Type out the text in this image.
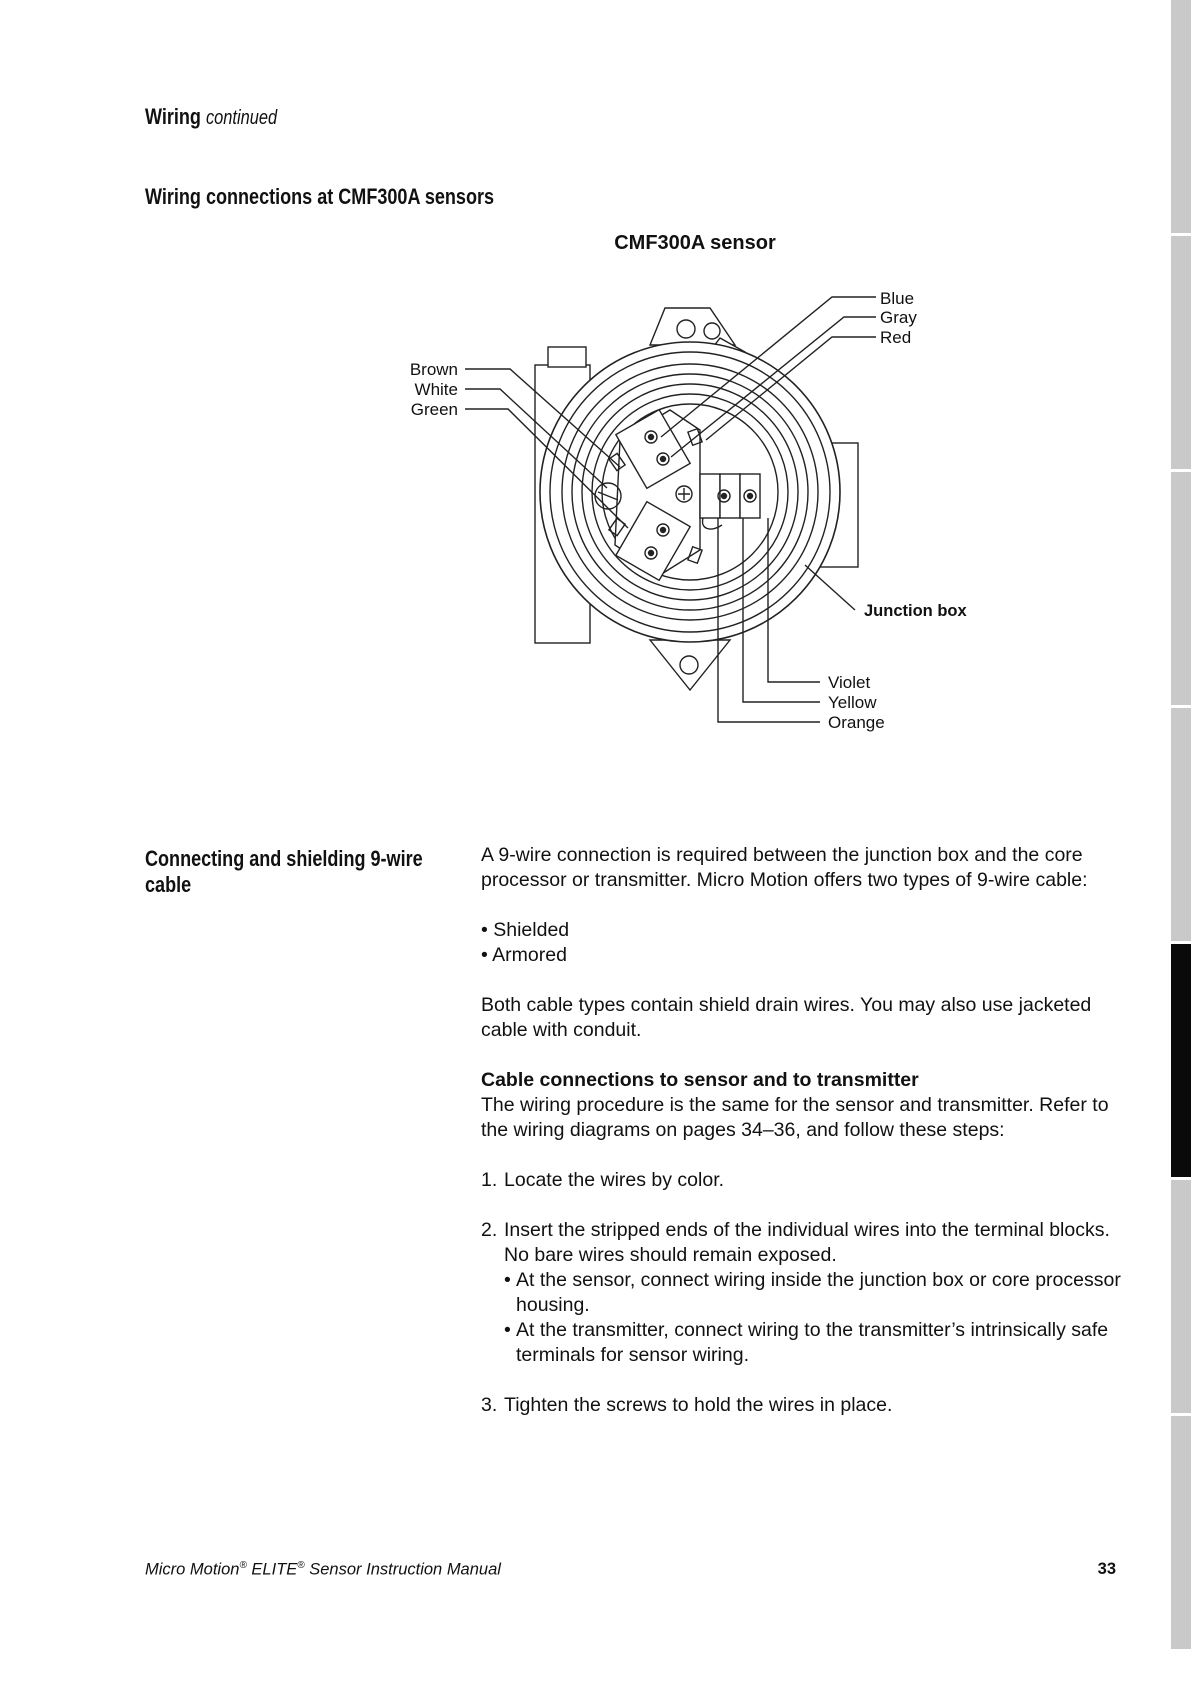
Wiring continued
Wiring connections at CMF300A sensors
CMF300A sensor
Blue
Gray
Red
Brown
White
Green
Junction box
Violet
Yellow
Orange
Connecting and shielding 9-wire cable

A 9-wire connection is required between the junction box and the core processor or transmitter. Micro Motion offers two types of 9-wire cable:

• Shielded

• Armored

Both cable types contain shield drain wires. You may also use jacketed cable with conduit.

Cable connections to sensor and to transmitter

The wiring procedure is the same for the sensor and transmitter. Refer to the wiring diagrams on pages 34–36, and follow these steps:

1. Locate the wires by color.
2. Insert the stripped ends of the individual wires into the terminal blocks. No bare wires should remain exposed.
• At the sensor, connect wiring inside the junction box or core processor housing.
• At the transmitter, connect wiring to the transmitter’s intrinsically safe terminals for sensor wiring.
3. Tighten the screws to hold the wires in place.
Micro Motion® ELITE® Sensor Instruction Manual	33
